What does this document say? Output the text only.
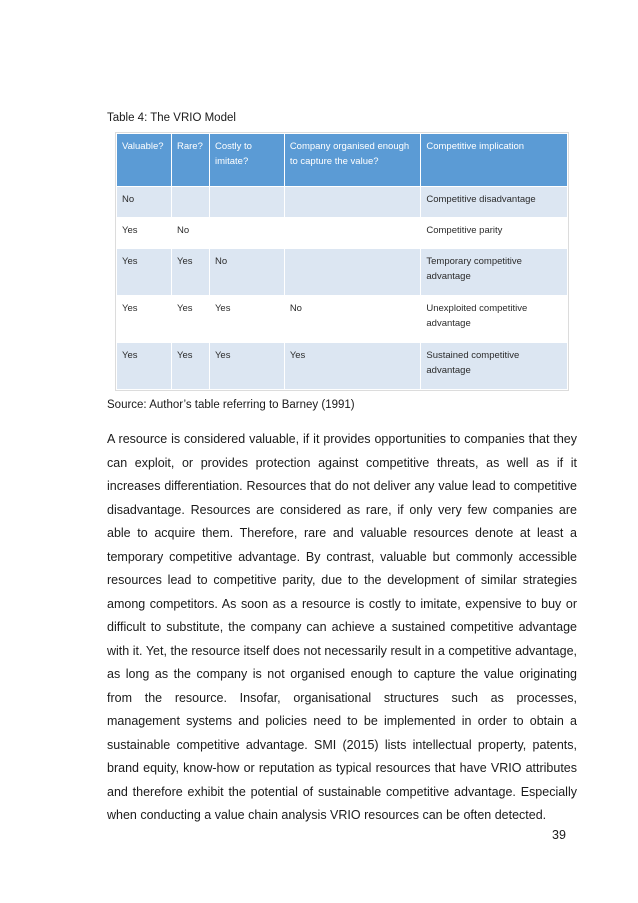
Table 4: The VRIO Model
Valuable?	Rare?	Costly to imitate?	Company organised enough to capture the value?	Competitive implication
No				Competitive disadvantage
Yes	No			Competitive parity
Yes	Yes	No		Temporary competitive advantage
Yes	Yes	Yes	No	Unexploited competitive advantage
Yes	Yes	Yes	Yes	Sustained competitive advantage
Source: Author’s table referring to Barney (1991)

A resource is considered valuable, if it provides opportunities to companies that they can exploit, or provides protection against competitive threats, as well as if it increases differentiation. Resources that do not deliver any value lead to competitive disadvantage. Resources are considered as rare, if only very few companies are able to acquire them. Therefore, rare and valuable resources denote at least a temporary competitive advantage. By contrast, valuable but commonly accessible resources lead to competitive parity, due to the development of similar strategies among competitors. As soon as a resource is costly to imitate, expensive to buy or difficult to substitute, the company can achieve a sustained competitive advantage with it. Yet, the resource itself does not necessarily result in a competitive advantage, as long as the company is not organised enough to capture the value originating from the resource. Insofar, organisational structures such as processes, management systems and policies need to be implemented in order to obtain a sustainable competitive advantage. SMI (2015) lists intellectual property, patents, brand equity, know-how or reputation as typical resources that have VRIO attributes and therefore exhibit the potential of sustainable competitive advantage. Especially when conducting a value chain analysis VRIO resources can be often detected.

39
